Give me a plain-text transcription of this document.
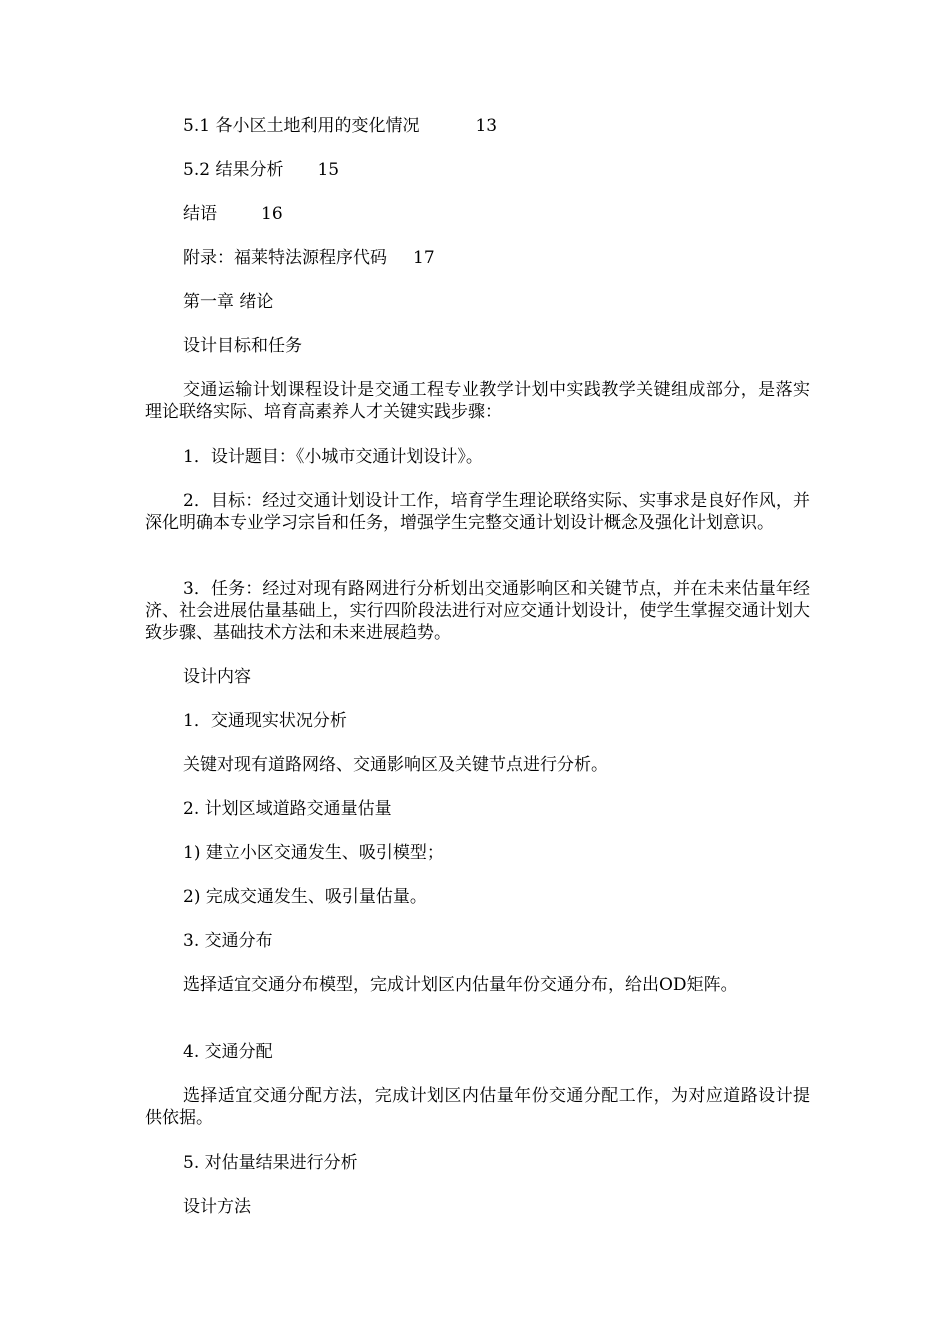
5.1 各小区土地利用的变化情况	13
5.2 结果分析 15
结语	16
附录：福莱特法源程序代码 17
第一章 绪论
设计目标和任务
交通运输计划课程设计是交通工程专业教学计划中实践教学关键组成部分，是落实理论联络实际、培育高素养人才关键实践步骤：
1．设计题目：《小城市交通计划设计》。
2．目标：经过交通计划设计工作，培育学生理论联络实际、实事求是良好作风，并深化明确本专业学习宗旨和任务，增强学生完整交通计划设计概念及强化计划意识。
3．任务：经过对现有路网进行分析划出交通影响区和关键节点，并在未来估量年经济、社会进展估量基础上，实行四阶段法进行对应交通计划设计，使学生掌握交通计划大致步骤、基础技术方法和未来进展趋势。
设计内容
1．交通现实状况分析
关键对现有道路网络、交通影响区及关键节点进行分析。
2. 计划区域道路交通量估量
1) 建立小区交通发生、吸引模型；
2) 完成交通发生、吸引量估量。
3. 交通分布
选择适宜交通分布模型，完成计划区内估量年份交通分布，给出OD矩阵。
4. 交通分配
选择适宜交通分配方法，完成计划区内估量年份交通分配工作，为对应道路设计提供依据。
5. 对估量结果进行分析
设计方法
